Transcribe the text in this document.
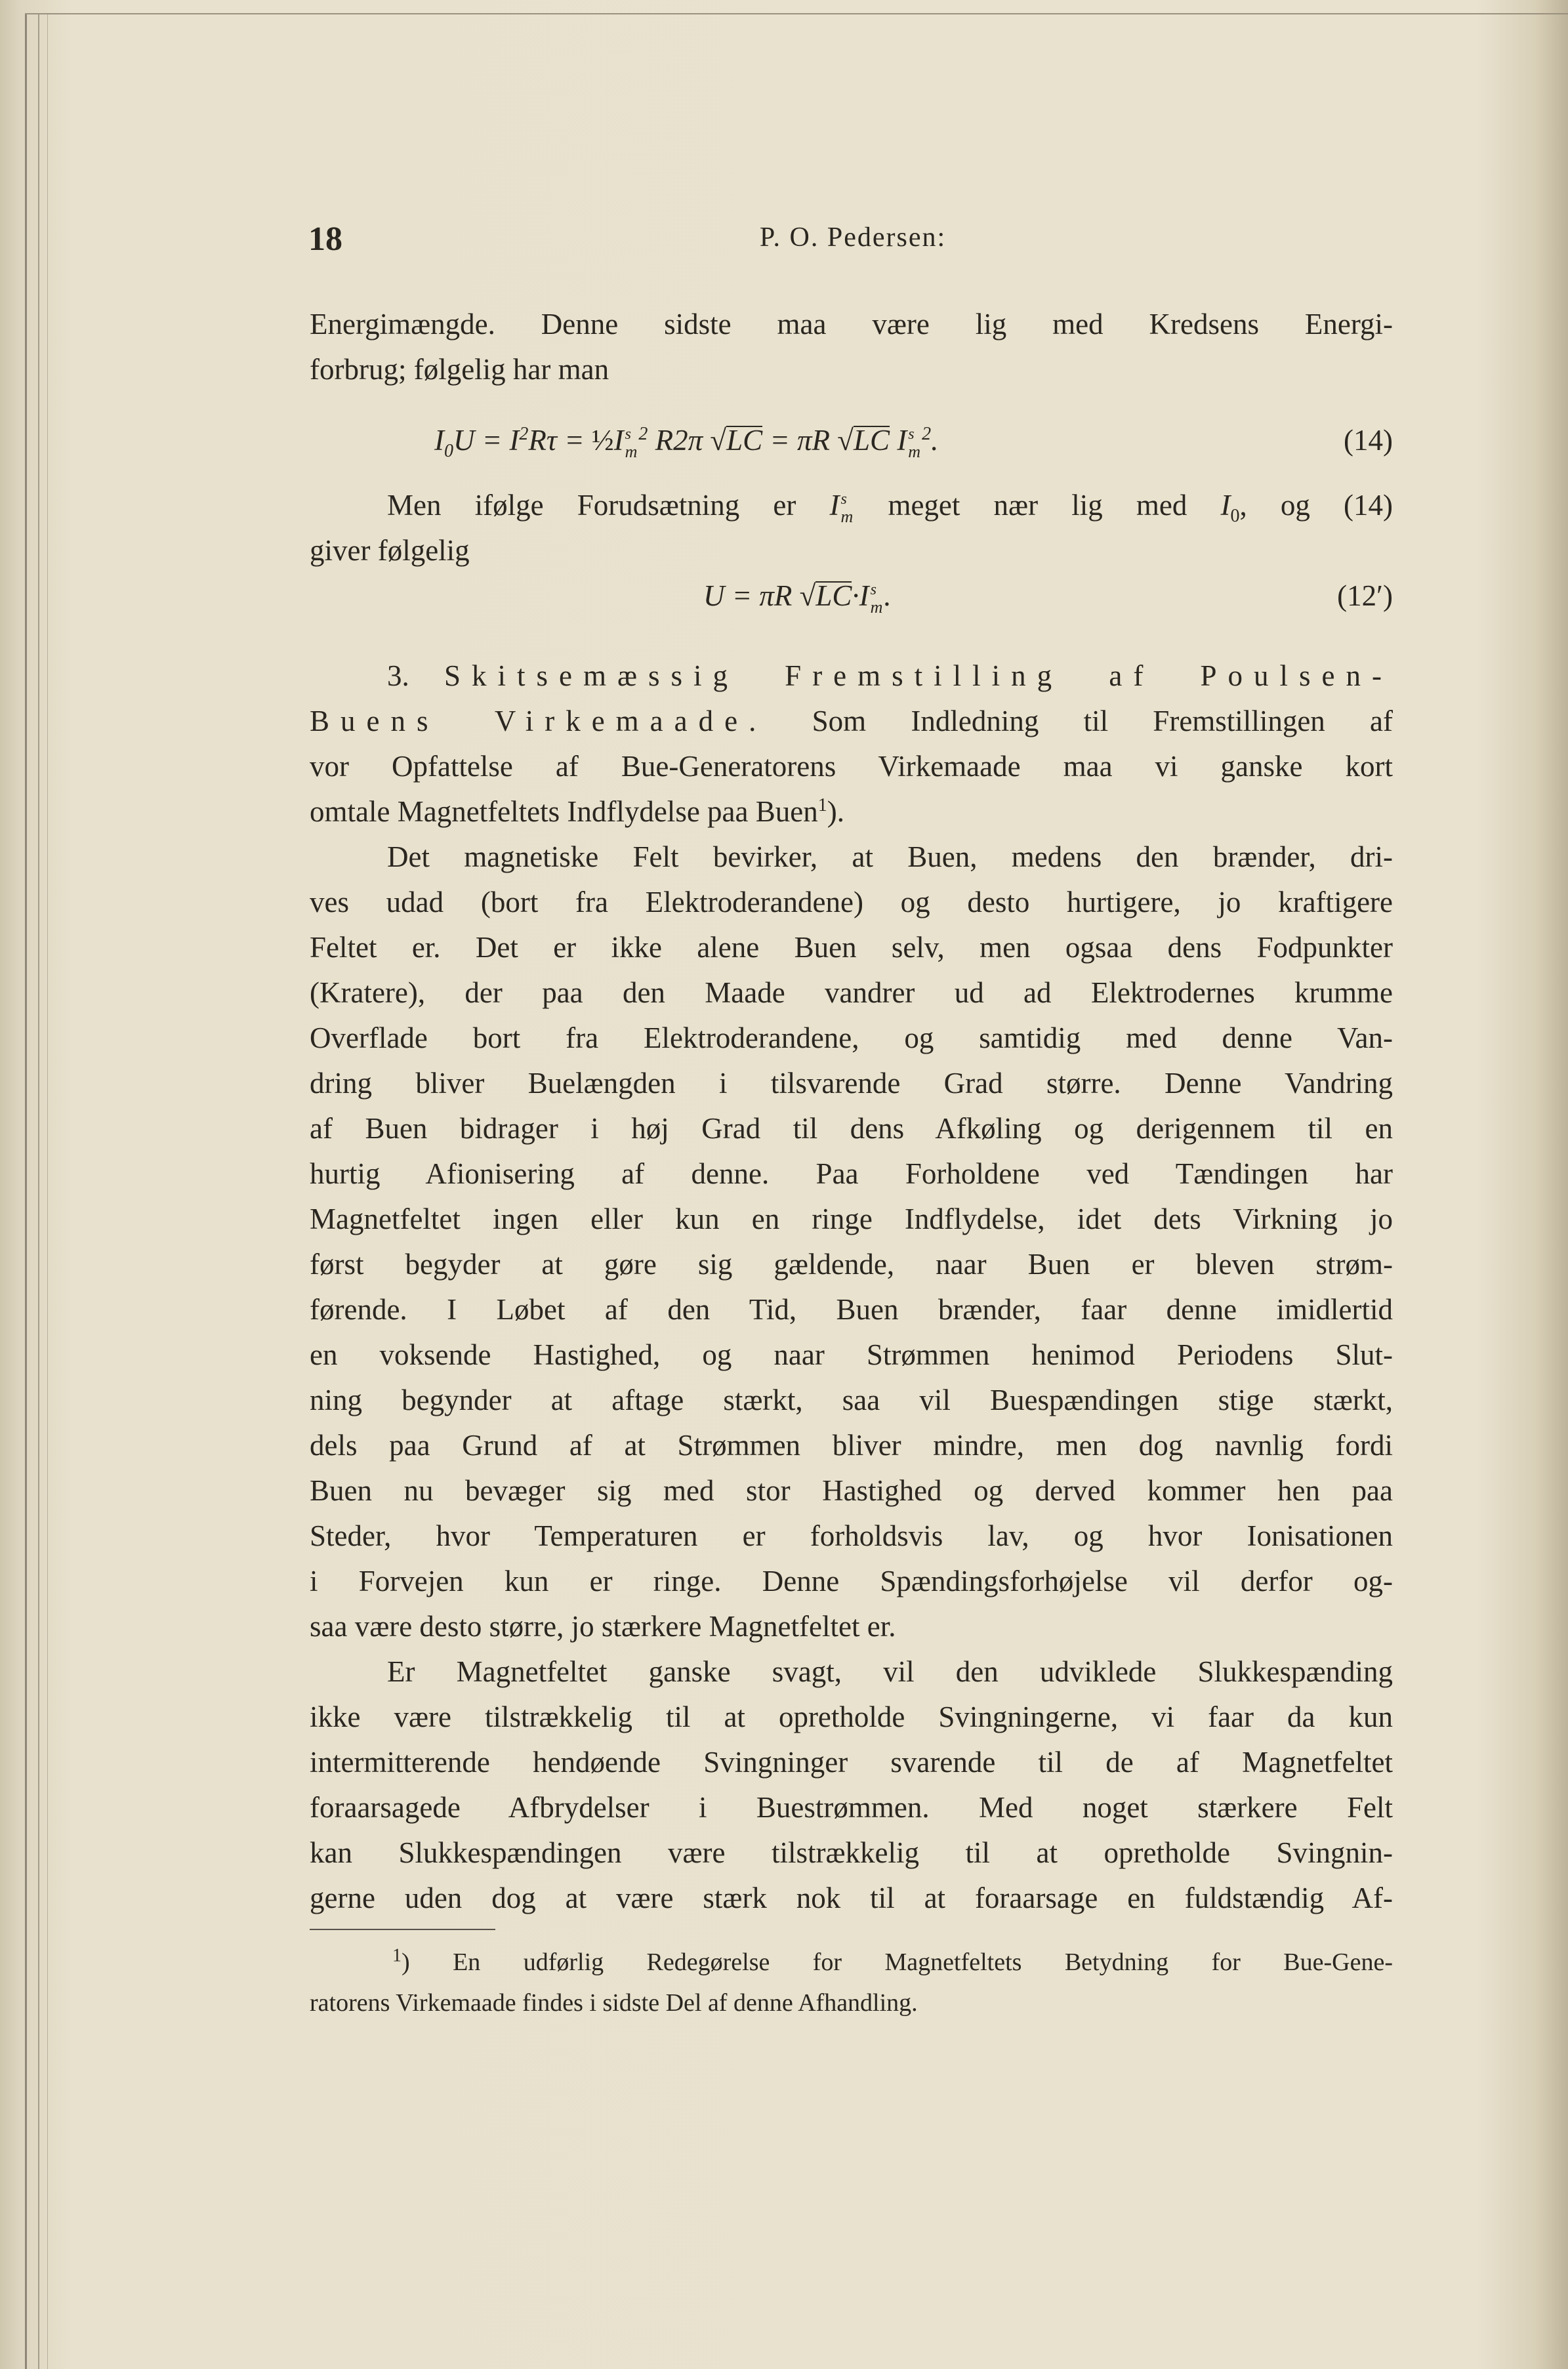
18	P. O. Pedersen:
Energimængde. Denne sidste maa være lig med Kredsens Energi-
forbrug; følgelig har man
$I_0U = I^2R\tau$ = ½I s
m
$^2$ R2π √LC = πR √LC I s
m
$^2$.	(14)
Men ifølge Forudsætning er I s
m meget nær lig med $I_0$, og (14)
giver følgelig
U = πR √LC·I s
m .	(12′)
3. Skitsemæssig Fremstilling af Poulsen-
Buens Virkemaade. Som Indledning til Fremstillingen af
vor Opfattelse af Bue-Generatorens Virkemaade maa vi ganske kort
omtale Magnetfeltets Indflydelse paa Buen$^1$).
Det magnetiske Felt bevirker, at Buen, medens den brænder, dri-
ves udad (bort fra Elektroderandene) og desto hurtigere, jo kraftigere
Feltet er. Det er ikke alene Buen selv, men ogsaa dens Fodpunkter
(Kratere), der paa den Maade vandrer ud ad Elektrodernes krumme
Overflade bort fra Elektroderandene, og samtidig med denne Van-
dring bliver Buelængden i tilsvarende Grad større. Denne Vandring
af Buen bidrager i høj Grad til dens Afkøling og derigennem til en
hurtig Afionisering af denne. Paa Forholdene ved Tændingen har
Magnetfeltet ingen eller kun en ringe Indflydelse, idet dets Virkning jo
først begyder at gøre sig gældende, naar Buen er bleven strøm-
førende. I Løbet af den Tid, Buen brænder, faar denne imidlertid
en voksende Hastighed, og naar Strømmen henimod Periodens Slut-
ning begynder at aftage stærkt, saa vil Buespændingen stige stærkt,
dels paa Grund af at Strømmen bliver mindre, men dog navnlig fordi
Buen nu bevæger sig med stor Hastighed og derved kommer hen paa
Steder, hvor Temperaturen er forholdsvis lav, og hvor Ionisationen
i Forvejen kun er ringe. Denne Spændingsforhøjelse vil derfor og-
saa være desto større, jo stærkere Magnetfeltet er.
Er Magnetfeltet ganske svagt, vil den udviklede Slukkespænding
ikke være tilstrækkelig til at opretholde Svingningerne, vi faar da kun
intermitterende hendøende Svingninger svarende til de af Magnetfeltet
foraarsagede Afbrydelser i Buestrømmen. Med noget stærkere Felt
kan Slukkespændingen være tilstrækkelig til at opretholde Svingnin-
gerne uden dog at være stærk nok til at foraarsage en fuldstændig Af-
$^1$) En udførlig Redegørelse for Magnetfeltets Betydning for Bue-Gene-
ratorens Virkemaade findes i sidste Del af denne Afhandling.
